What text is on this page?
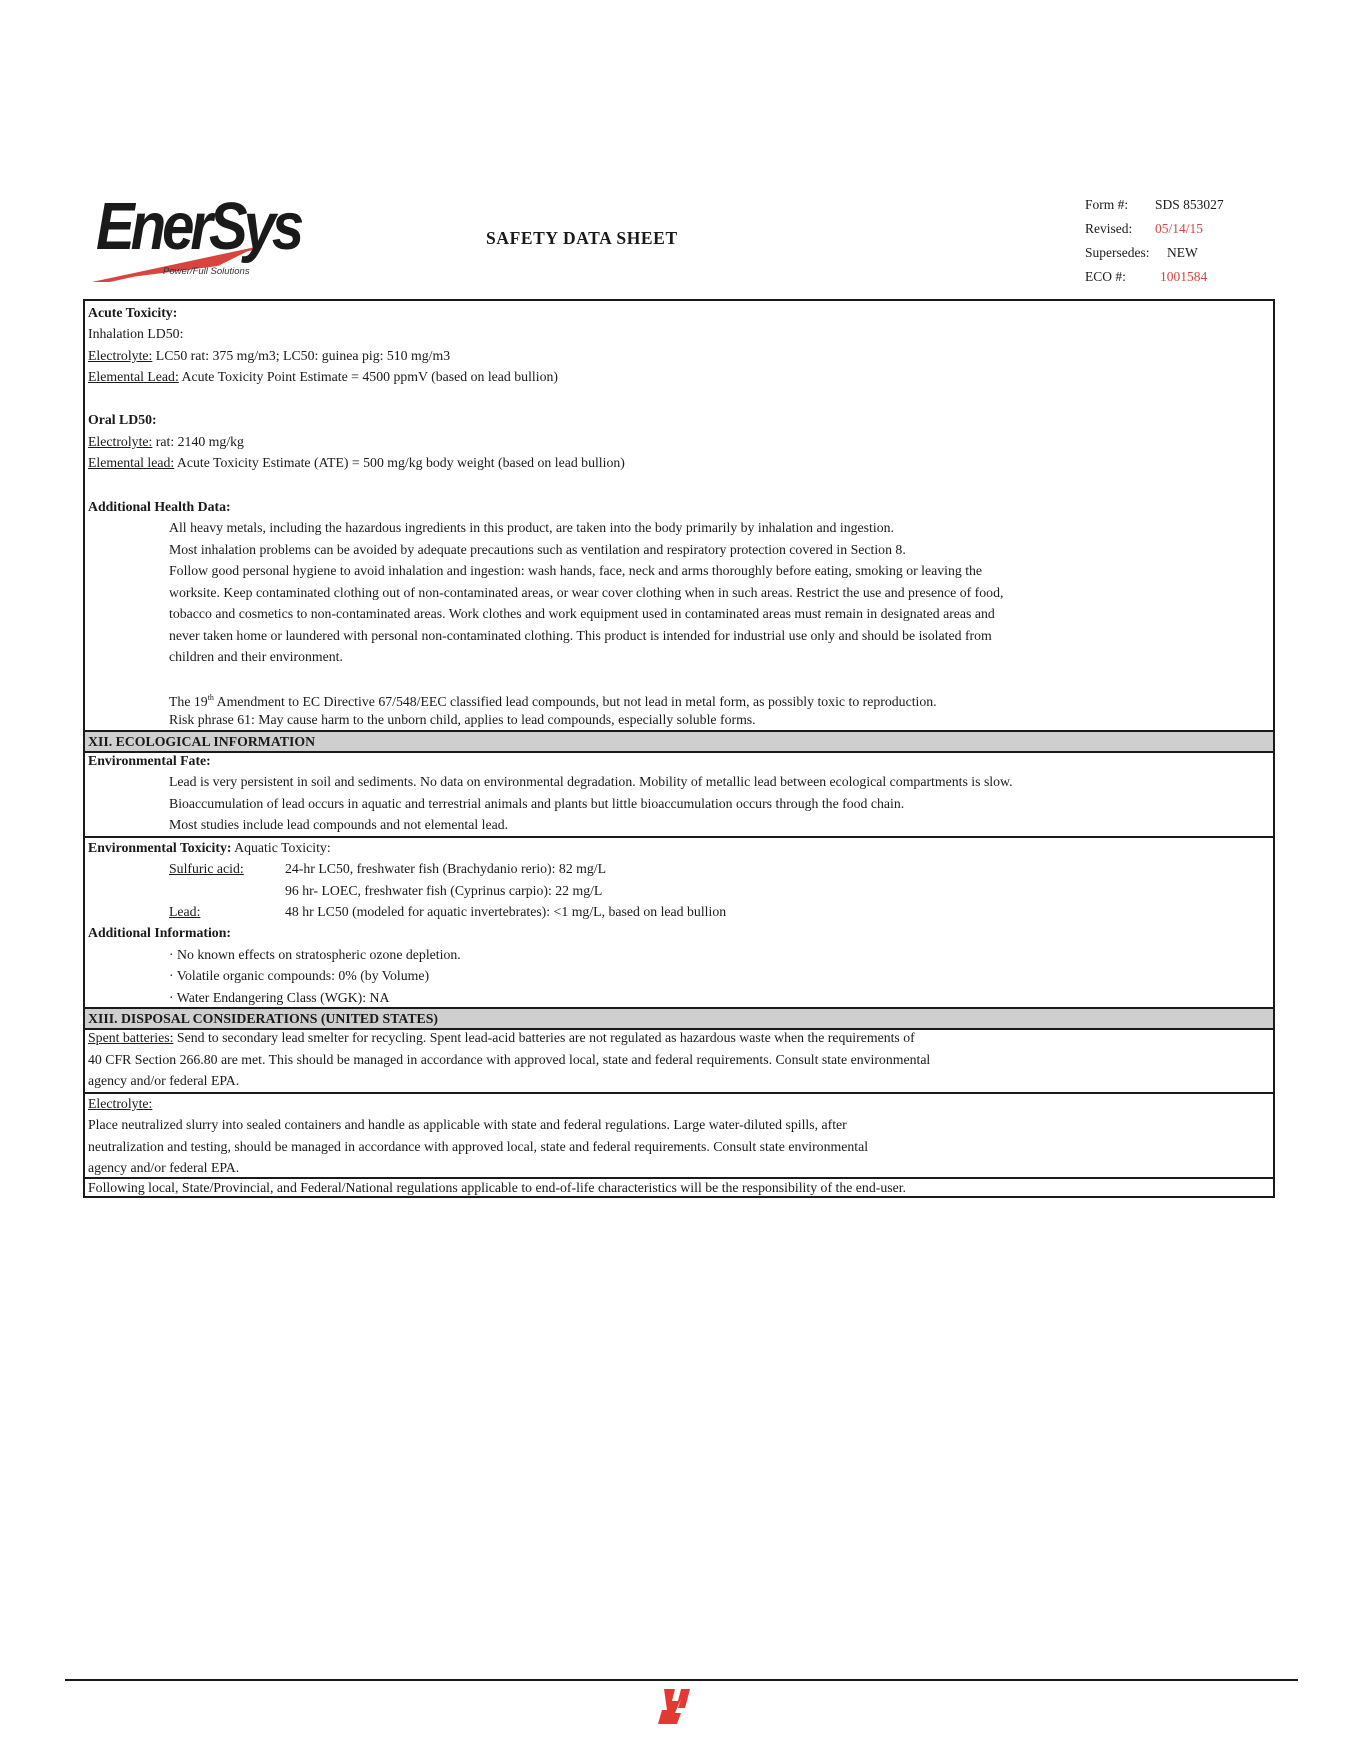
EnerSys
Power/Full Solutions
SAFETY DATA SHEET
Form #: SDS 853027
Revised: 05/14/15
Supersedes: NEW
ECO #:	1001584
Acute Toxicity:
Inhalation LD50:
Electrolyte: LC50 rat: 375 mg/m3; LC50: guinea pig: 510 mg/m3
Elemental Lead: Acute Toxicity Point Estimate = 4500 ppmV (based on lead bullion)
Oral LD50:
Electrolyte: rat: 2140 mg/kg
Elemental lead: Acute Toxicity Estimate (ATE) = 500 mg/kg body weight (based on lead bullion)
Additional Health Data:
All heavy metals, including the hazardous ingredients in this product, are taken into the body primarily by inhalation and ingestion.
Most inhalation problems can be avoided by adequate precautions such as ventilation and respiratory protection covered in Section 8.
Follow good personal hygiene to avoid inhalation and ingestion: wash hands, face, neck and arms thoroughly before eating, smoking or leaving the
worksite. Keep contaminated clothing out of non-contaminated areas, or wear cover clothing when in such areas. Restrict the use and presence of food,
tobacco and cosmetics to non-contaminated areas. Work clothes and work equipment used in contaminated areas must remain in designated areas and
never taken home or laundered with personal non-contaminated clothing. This product is intended for industrial use only and should be isolated from
children and their environment.
The 19th Amendment to EC Directive 67/548/EEC classified lead compounds, but not lead in metal form, as possibly toxic to reproduction.
Risk phrase 61: May cause harm to the unborn child, applies to lead compounds, especially soluble forms.
XII. ECOLOGICAL INFORMATION
Environmental Fate:
Lead is very persistent in soil and sediments. No data on environmental degradation. Mobility of metallic lead between ecological compartments is slow.
Bioaccumulation of lead occurs in aquatic and terrestrial animals and plants but little bioaccumulation occurs through the food chain.
Most studies include lead compounds and not elemental lead.
Environmental Toxicity: Aquatic Toxicity:
Sulfuric acid:	24-hr LC50, freshwater fish (Brachydanio rerio): 82 mg/L
96 hr- LOEC, freshwater fish (Cyprinus carpio): 22 mg/L
Lead:	48 hr LC50 (modeled for aquatic invertebrates): <1 mg/L, based on lead bullion
Additional Information:
· No known effects on stratospheric ozone depletion.
· Volatile organic compounds: 0% (by Volume)
· Water Endangering Class (WGK): NA
XIII. DISPOSAL CONSIDERATIONS (UNITED STATES)
Spent batteries: Send to secondary lead smelter for recycling. Spent lead-acid batteries are not regulated as hazardous waste when the requirements of
40 CFR Section 266.80 are met. This should be managed in accordance with approved local, state and federal requirements. Consult state environmental
agency and/or federal EPA.
Electrolyte:
Place neutralized slurry into sealed containers and handle as applicable with state and federal regulations. Large water-diluted spills, after
neutralization and testing, should be managed in accordance with approved local, state and federal requirements. Consult state environmental
agency and/or federal EPA.
Following local, State/Provincial, and Federal/National regulations applicable to end-of-life characteristics will be the responsibility of the end-user.
